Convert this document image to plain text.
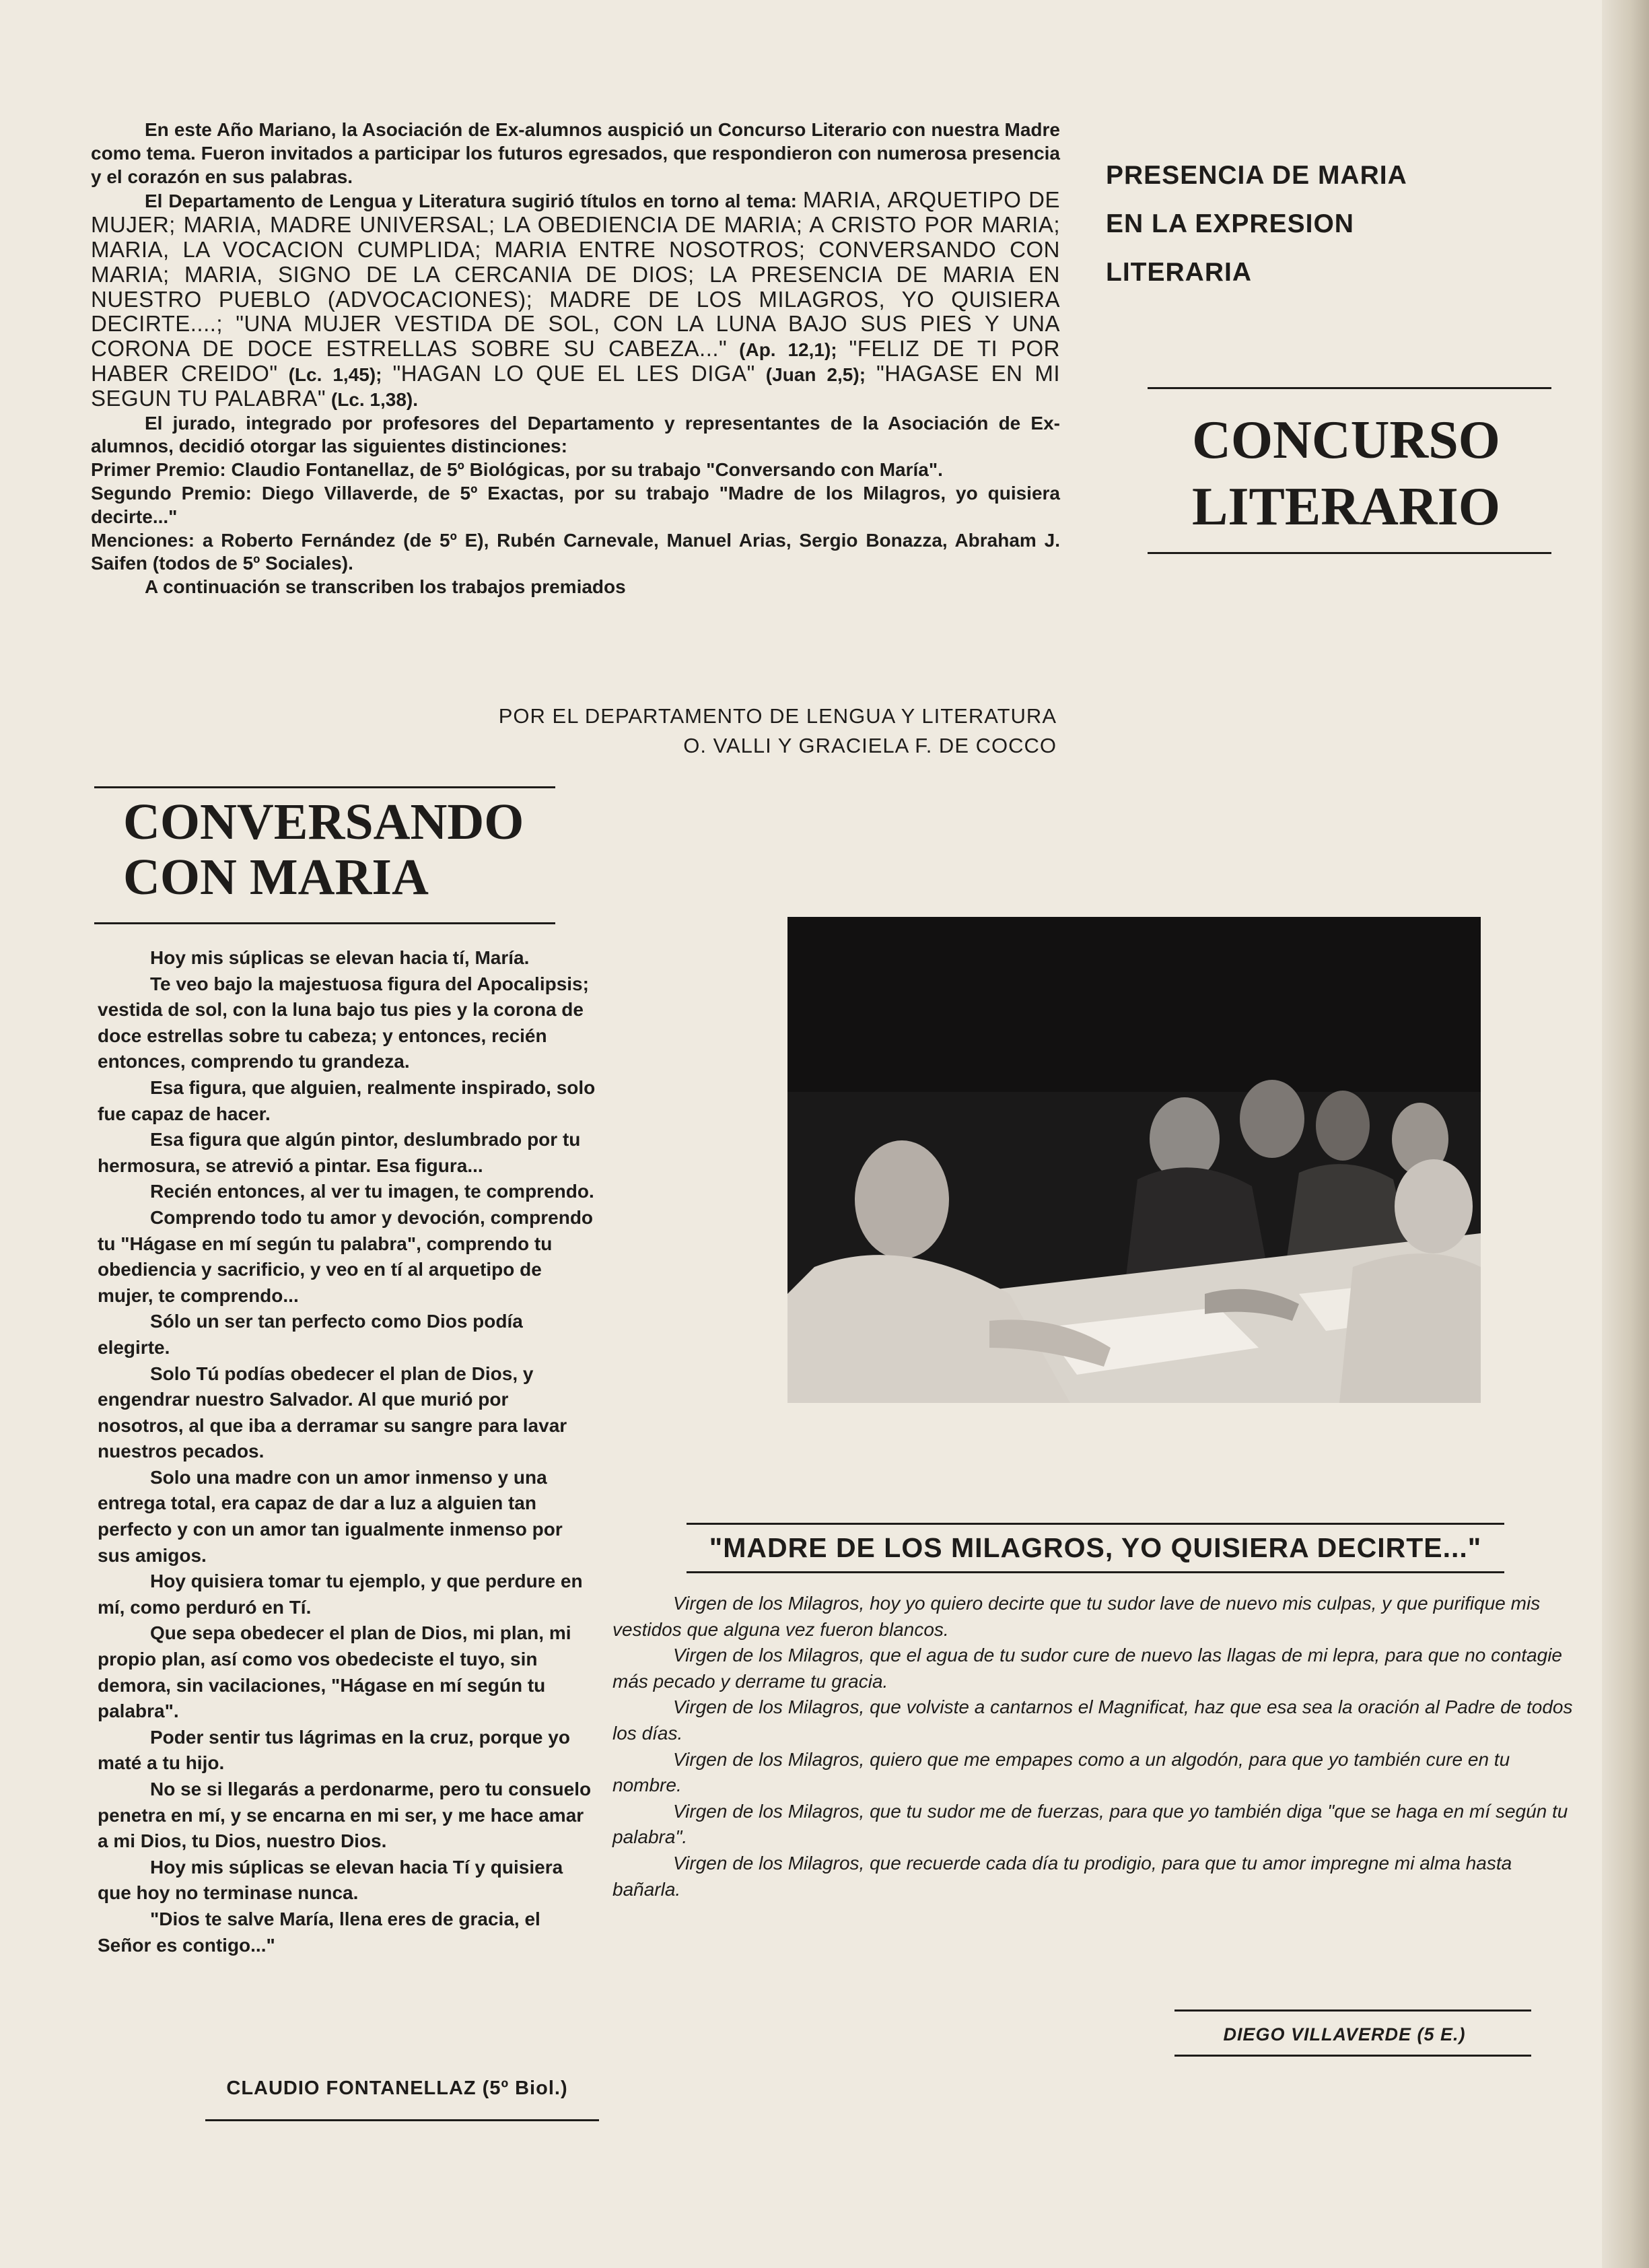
En este Año Mariano, la Asociación de Ex-alumnos auspició un Concurso Literario con nuestra Madre como tema. Fueron invitados a participar los futuros egresados, que respondieron con numerosa presencia y el corazón en sus palabras.

El Departamento de Lengua y Literatura sugirió títulos en torno al tema: MARIA, ARQUETIPO DE MUJER; MARIA, MADRE UNIVERSAL; LA OBEDIENCIA DE MARIA; A CRISTO POR MARIA; MARIA, LA VOCACION CUMPLIDA; MARIA ENTRE NOSOTROS; CONVERSANDO CON MARIA; MARIA, SIGNO DE LA CERCANIA DE DIOS; LA PRESENCIA DE MARIA EN NUESTRO PUEBLO (ADVOCACIONES); MADRE DE LOS MILAGROS, YO QUISIERA DECIRTE....; "UNA MUJER VESTIDA DE SOL, CON LA LUNA BAJO SUS PIES Y UNA CORONA DE DOCE ESTRELLAS SOBRE SU CABEZA..." (Ap. 12,1); "FELIZ DE TI POR HABER CREIDO" (Lc. 1,45); "HAGAN LO QUE EL LES DIGA" (Juan 2,5); "HAGASE EN MI SEGUN TU PALABRA" (Lc. 1,38).

El jurado, integrado por profesores del Departamento y representantes de la Asociación de Ex-alumnos, decidió otorgar las siguientes distinciones:

Primer Premio: Claudio Fontanellaz, de 5º Biológicas, por su trabajo "Conversando con María".

Segundo Premio: Diego Villaverde, de 5º Exactas, por su trabajo "Madre de los Milagros, yo quisiera decirte..."

Menciones: a Roberto Fernández (de 5º E), Rubén Carnevale, Manuel Arias, Sergio Bonazza, Abraham J. Saifen (todos de 5º Sociales).

A continuación se transcriben los trabajos premiados

POR EL DEPARTAMENTO DE LENGUA Y LITERATURA
O. VALLI Y GRACIELA F. DE COCCO
PRESENCIA DE MARIA
EN LA EXPRESION
LITERARIA
CONCURSO
LITERARIO
CONVERSANDO
CON MARIA

Hoy mis súplicas se elevan hacia tí, María.

Te veo bajo la majestuosa figura del Apocalipsis; vestida de sol, con la luna bajo tus pies y la corona de doce estrellas sobre tu cabeza; y entonces, recién entonces, comprendo tu grandeza.

Esa figura, que alguien, realmente inspirado, solo fue capaz de hacer.

Esa figura que algún pintor, deslumbrado por tu hermosura, se atrevió a pintar. Esa figura...

Recién entonces, al ver tu imagen, te comprendo.

Comprendo todo tu amor y devoción, comprendo tu "Hágase en mí según tu palabra", comprendo tu obediencia y sacrificio, y veo en tí al arquetipo de mujer, te comprendo...

Sólo un ser tan perfecto como Dios podía elegirte.

Solo Tú podías obedecer el plan de Dios, y engendrar nuestro Salvador. Al que murió por nosotros, al que iba a derramar su sangre para lavar nuestros pecados.

Solo una madre con un amor inmenso y una entrega total, era capaz de dar a luz a alguien tan perfecto y con un amor tan igualmente inmenso por sus amigos.

Hoy quisiera tomar tu ejemplo, y que perdure en mí, como perduró en Tí.

Que sepa obedecer el plan de Dios, mi plan, mi propio plan, así como vos obedeciste el tuyo, sin demora, sin vacilaciones, "Hágase en mí según tu palabra".

Poder sentir tus lágrimas en la cruz, porque yo maté a tu hijo.

No se si llegarás a perdonarme, pero tu consuelo penetra en mí, y se encarna en mi ser, y me hace amar a mi Dios, tu Dios, nuestro Dios.

Hoy mis súplicas se elevan hacia Tí y quisiera que hoy no terminase nunca.

"Dios te salve María, llena eres de gracia, el Señor es contigo..."

CLAUDIO FONTANELLAZ (5º Biol.)
"MADRE DE LOS MILAGROS, YO QUISIERA DECIRTE..."

Virgen de los Milagros, hoy yo quiero decirte que tu sudor lave de nuevo mis culpas, y que purifique mis vestidos que alguna vez fueron blancos.

Virgen de los Milagros, que el agua de tu sudor cure de nuevo las llagas de mi lepra, para que no contagie más pecado y derrame tu gracia.

Virgen de los Milagros, que volviste a cantarnos el Magnificat, haz que esa sea la oración al Padre de todos los días.

Virgen de los Milagros, quiero que me empapes como a un algodón, para que yo también cure en tu nombre.

Virgen de los Milagros, que tu sudor me de fuerzas, para que yo también diga "que se haga en mí según tu palabra".

Virgen de los Milagros, que recuerde cada día tu prodigio, para que tu amor impregne mi alma hasta bañarla.

DIEGO VILLAVERDE (5 E.)
